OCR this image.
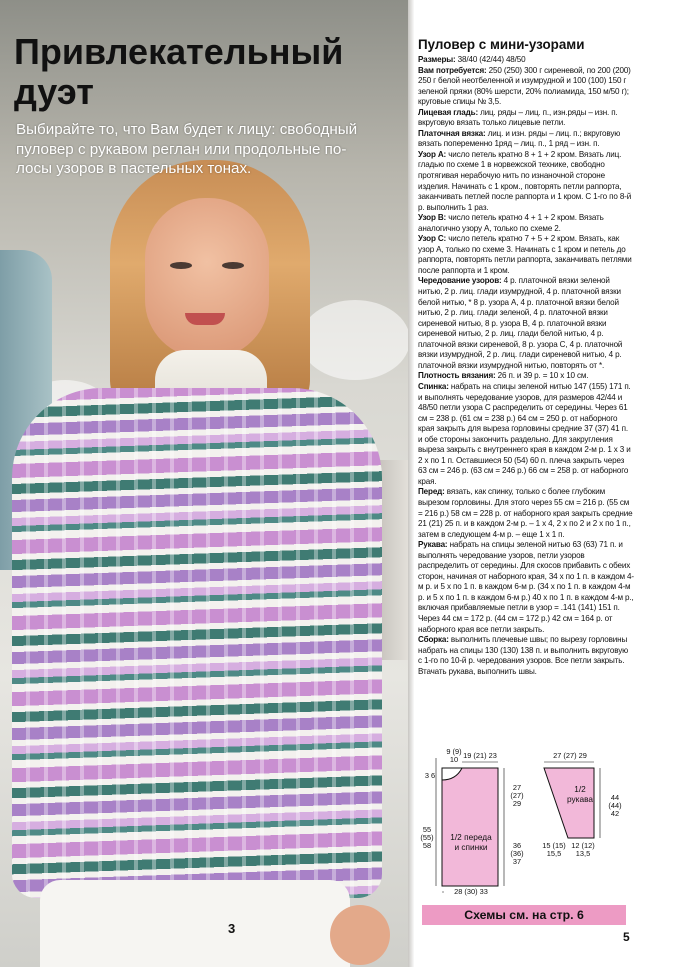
Привлекательный
дуэт

Выбирайте то, что Вам будет к лицу: свободный
пуловер с рукавом реглан или продольные по-
лосы узоров в пастельных тонах.

3
Пуловер с мини-узорами

Размеры: 38/40 (42/44) 48/50

Вам потребуется: 250 (250) 300 г сиреневой, по 200 (200) 250 г белой неотбеленной и изумрудной и 100 (100) 150 г зеленой пряжи (80% шерсти, 20% полиамида, 150 м/50 г); круговые спицы № 3,5.

Лицевая гладь: лиц. ряды – лиц. п., изн.ряды – изн. п. вкруговую вязать только лицевые петли.

Платочная вязка: лиц. и изн. ряды – лиц. п.; вкруговую вязать попеременно 1ряд – лиц. п., 1 ряд – изн. п.

Узор А: число петель кратно 8 + 1 + 2 кром. Вязать лиц. гладью по схеме 1 в норвежской технике, свободно протягивая нерабочую нить по изнаночной стороне изделия. Начинать с 1 кром., повторять петли раппорта, заканчивать петлей после раппорта и 1 кром. С 1-го по 8-й р. выполнить 1 раз.

Узор В: число петель кратно 4 + 1 + 2 кром. Вязать аналогично узору А, только по схеме 2.

Узор С: число петель кратно 7 + 5 + 2 кром. Вязать, как узор А, только по схеме 3. Начинать с 1 кром и петель до раппорта, повторять петли раппорта, заканчивать петлями после раппорта и 1 кром.

Чередование узоров: 4 р. платочной вязки зеленой нитью, 2 р. лиц. глади изумрудной, 4 р. платочной вязки белой нитью, * 8 р. узора А, 4 р. платочной вязки белой нитью, 2 р. лиц. глади зеленой, 4 р. платочной вязки сиреневой нитью, 8 р. узора В, 4 р. платочной вязки сиреневой нитью, 2 р. лиц. глади белой нитью, 4 р. платочной вязки сиреневой, 8 р. узора С, 4 р. платочной вязки изумрудной, 2 р. лиц. глади сиреневой нитью, 4 р. платочной вязки изумрудной нитью, повторять от *.

Плотность вязания: 26 п. и 39 р. = 10 х 10 см.

Спинка: набрать на спицы зеленой нитью 147 (155) 171 п. и выполнять чередование узоров, для размеров 42/44 и 48/50 петли узора С распределить от середины. Через 61 см = 238 р. (61 см = 238 р.) 64 см = 250 р. от наборного края закрыть для выреза горловины средние 37 (37) 41 п. и обе стороны закончить раздельно. Для закругления выреза закрыть с внутреннего края в каждом 2-м р. 1 х 3 и 2 х по 1 п. Оставшиеся 50 (54) 60 п. плеча закрыть через 63 см = 246 р. (63 см = 246 р.) 66 см = 258 р. от наборного края.

Перед: вязать, как спинку, только с более глубоким вырезом горловины. Для этого через 55 см = 216 р. (55 см = 216 р.) 58 см = 228 р. от наборного края закрыть средние 21 (21) 25 п. и в каждом 2-м р. – 1 х 4, 2 х по 2 и 2 х по 1 п., затем в следующем 4-м р. – еще 1 х 1 п.

Рукава: набрать на спицы зеленой нитью 63 (63) 71 п. и выполнять чередование узоров, петли узоров распределить от середины. Для скосов прибавить с обеих сторон, начиная от наборного края, 34 х по 1 п. в каждом 4-м р. и 5 х по 1 п. в каждом 6-м р. (34 х по 1 п. в каждом 4-м р. и 5 х по 1 п. в каждом 6-м р.) 40 х по 1 п. в каждом 4-м р., включая прибавляемые петли в узор = .141 (141) 151 п. Через 44 см = 172 р. (44 см = 172 р.) 42 см = 164 р. от наборного края все петли закрыть.

Сборка: выполнить плечевые швы; по вырезу горловины набрать на спицы 130 (130) 138 п. и выполнить вкруговую с 1-го по 10-й р. чередования узоров. Все петли закрыть. Втачать рукава, выполнить швы.

9 (9) 10
3 6
19 (21) 23
27 (27) 29
36 (36) 37
55 (55) 58
28 (30) 33
1/2 переда и спинки
27 (27) 29
44 (44) 42
15 (15) 15,5
12 (12) 13,5
1/2 рукава
Схемы см. на стр. 6
5
